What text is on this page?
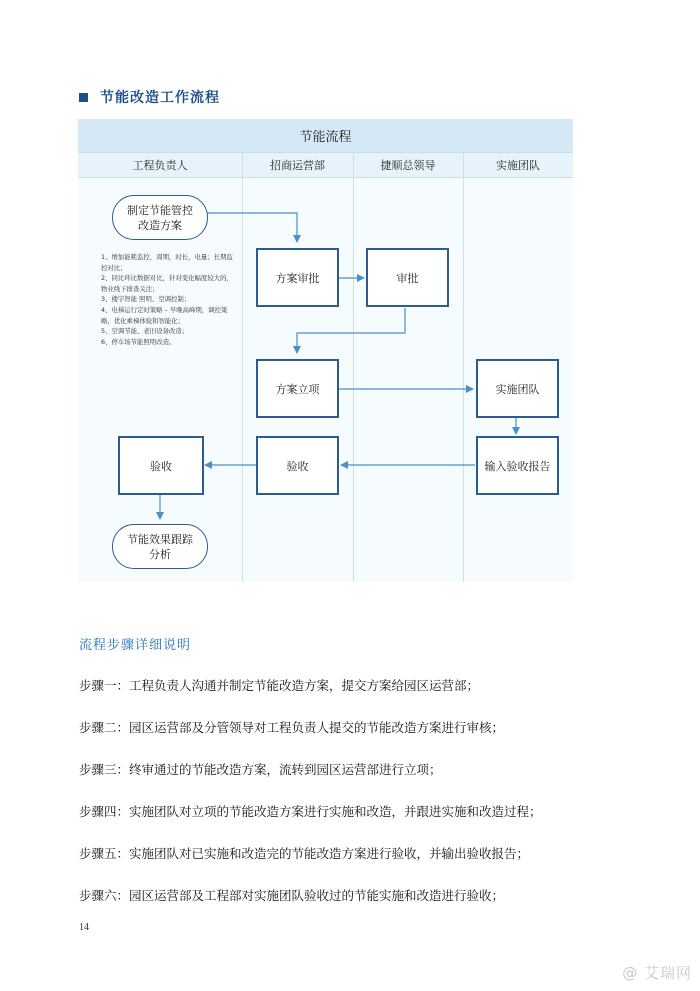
节能改造工作流程
节能流程
工程负责人	招商运营部	捷顺总领导	实施团队
制定节能管控改造方案
方案审批	审批
方案立项	实施团队
输入验收报告
验收
验收
节能效果跟踪分析
1、增加能耗监控，周期，时长，电量；长期监控对比；
2、同比环比数据对比，针对变化幅度较大的，物业线下排查关注；
3、楼宇智能 照明、空调控制；
4、电梯运行定时策略 – 早晚高峰期，调控策略，优化乘梯体验和智能化；
5、空调节能、老旧设备改造；
6、停车场节能照明改造。
流程步骤详细说明
步骤一：工程负责人沟通并制定节能改造方案，提交方案给园区运营部；
步骤二：园区运营部及分管领导对工程负责人提交的节能改造方案进行审核；
步骤三：终审通过的节能改造方案，流转到园区运营部进行立项；
步骤四：实施团队对立项的节能改造方案进行实施和改造，并跟进实施和改造过程；
步骤五：实施团队对已实施和改造完的节能改造方案进行验收，并输出验收报告；
步骤六：园区运营部及工程部对实施团队验收过的节能实施和改造进行验收；
14
@ 艾瑞网
